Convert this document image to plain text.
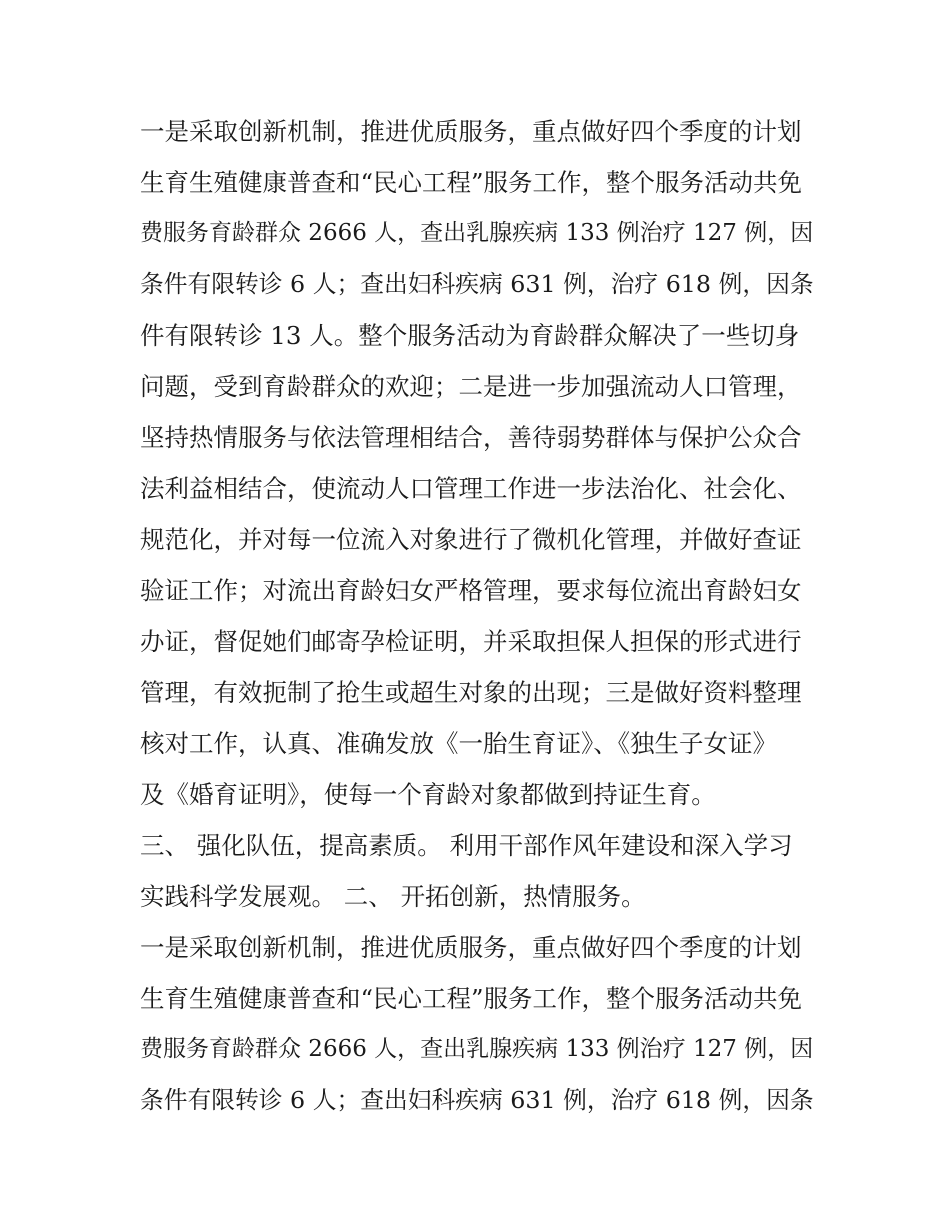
一是采取创新机制，推进优质服务，重点做好四个季度的计划
生育生殖健康普查和“民心工程”服务工作，整个服务活动共免
费服务育龄群众 2666 人，查出乳腺疾病 133 例治疗 127 例，因
条件有限转诊 6 人；查出妇科疾病 631 例，治疗 618 例，因条
件有限转诊 13 人。整个服务活动为育龄群众解决了一些切身
问题，受到育龄群众的欢迎；二是进一步加强流动人口管理，
坚持热情服务与依法管理相结合，善待弱势群体与保护公众合
法利益相结合，使流动人口管理工作进一步法治化、社会化、
规范化，并对每一位流入对象进行了微机化管理，并做好查证
验证工作；对流出育龄妇女严格管理，要求每位流出育龄妇女
办证，督促她们邮寄孕检证明，并采取担保人担保的形式进行
管理，有效扼制了抢生或超生对象的出现；三是做好资料整理
核对工作，认真、准确发放《一胎生育证》、《独生子女证》
及《婚育证明》，使每一个育龄对象都做到持证生育。
三、 强化队伍，提高素质。 利用干部作风年建设和深入学习
实践科学发展观。 二、 开拓创新，热情服务。
一是采取创新机制，推进优质服务，重点做好四个季度的计划
生育生殖健康普查和“民心工程”服务工作，整个服务活动共免
费服务育龄群众 2666 人，查出乳腺疾病 133 例治疗 127 例，因
条件有限转诊 6 人；查出妇科疾病 631 例，治疗 618 例，因条
